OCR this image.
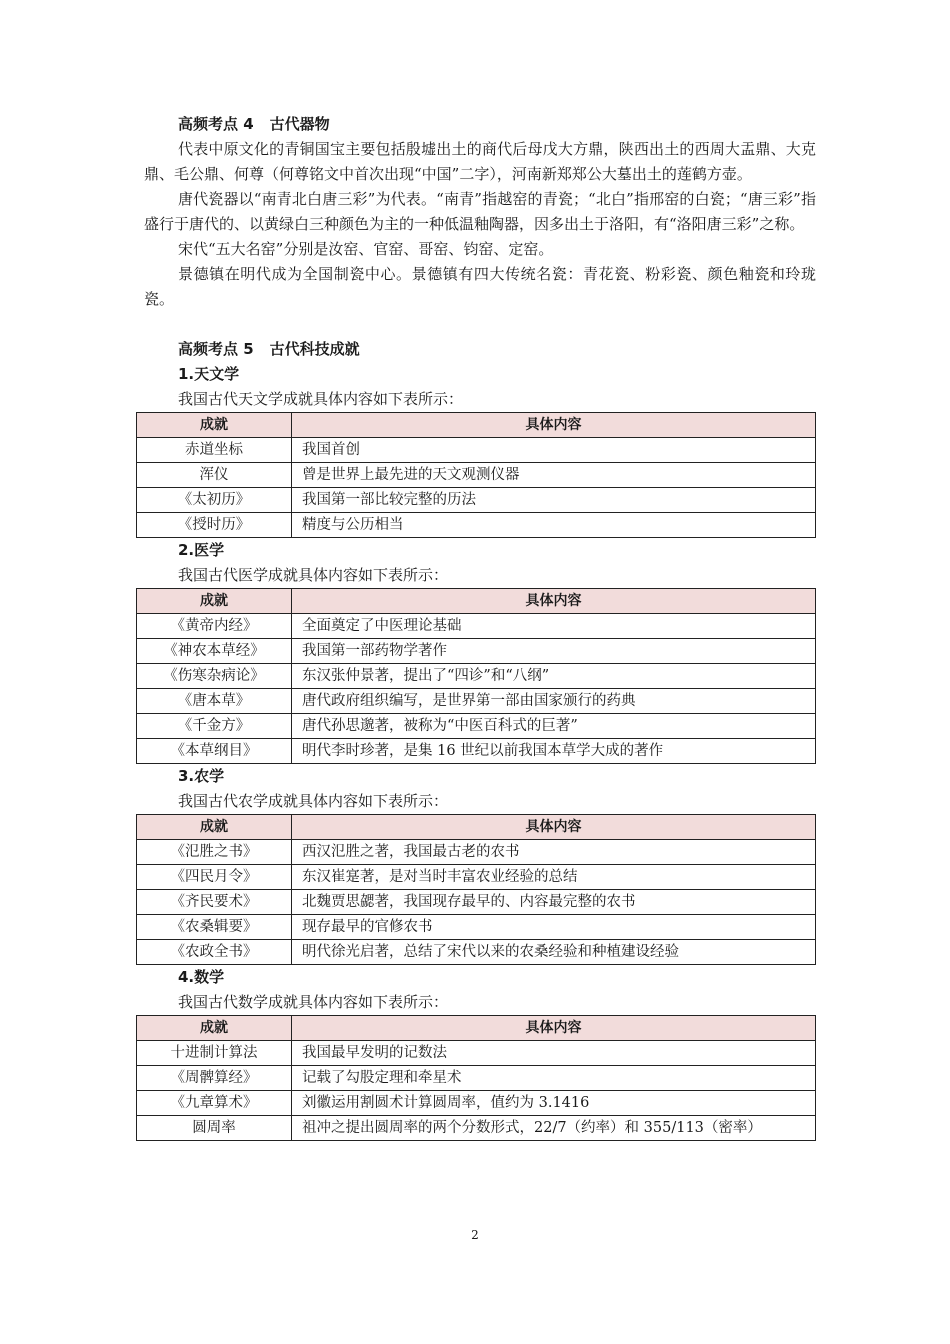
高频考点 4 古代器物

代表中原文化的青铜国宝主要包括殷墟出土的商代后母戊大方鼎，陕西出土的西周大盂鼎、大克鼎、毛公鼎、何尊（何尊铭文中首次出现“中国”二字），河南新郑郑公大墓出土的莲鹤方壶。

唐代瓷器以“南青北白唐三彩”为代表。“南青”指越窑的青瓷；“北白”指邢窑的白瓷；“唐三彩”指盛行于唐代的、以黄绿白三种颜色为主的一种低温釉陶器，因多出土于洛阳，有“洛阳唐三彩”之称。

宋代“五大名窑”分别是汝窑、官窑、哥窑、钧窑、定窑。

景德镇在明代成为全国制瓷中心。景德镇有四大传统名瓷：青花瓷、粉彩瓷、颜色釉瓷和玲珑瓷。

高频考点 5 古代科技成就
1.天文学
我国古代天文学成就具体内容如下表所示：
成就	具体内容
赤道坐标	我国首创
浑仪	曾是世界上最先进的天文观测仪器
《太初历》	我国第一部比较完整的历法
《授时历》	精度与公历相当
2.医学
我国古代医学成就具体内容如下表所示：
成就	具体内容
《黄帝内经》	全面奠定了中医理论基础
《神农本草经》	我国第一部药物学著作
《伤寒杂病论》	东汉张仲景著，提出了“四诊”和“八纲”
《唐本草》	唐代政府组织编写，是世界第一部由国家颁行的药典
《千金方》	唐代孙思邈著，被称为“中医百科式的巨著”
《本草纲目》	明代李时珍著，是集 16 世纪以前我国本草学大成的著作
3.农学
我国古代农学成就具体内容如下表所示：
成就	具体内容
《氾胜之书》	西汉氾胜之著，我国最古老的农书
《四民月令》	东汉崔寔著，是对当时丰富农业经验的总结
《齐民要术》	北魏贾思勰著，我国现存最早的、内容最完整的农书
《农桑辑要》	现存最早的官修农书
《农政全书》	明代徐光启著，总结了宋代以来的农桑经验和种植建设经验
4.数学
我国古代数学成就具体内容如下表所示：
成就	具体内容
十进制计算法	我国最早发明的记数法
《周髀算经》	记载了勾股定理和牵星术
《九章算术》	刘徽运用割圆术计算圆周率，值约为 3.1416
圆周率	祖冲之提出圆周率的两个分数形式，22/7（约率）和 355/113（密率）
2
